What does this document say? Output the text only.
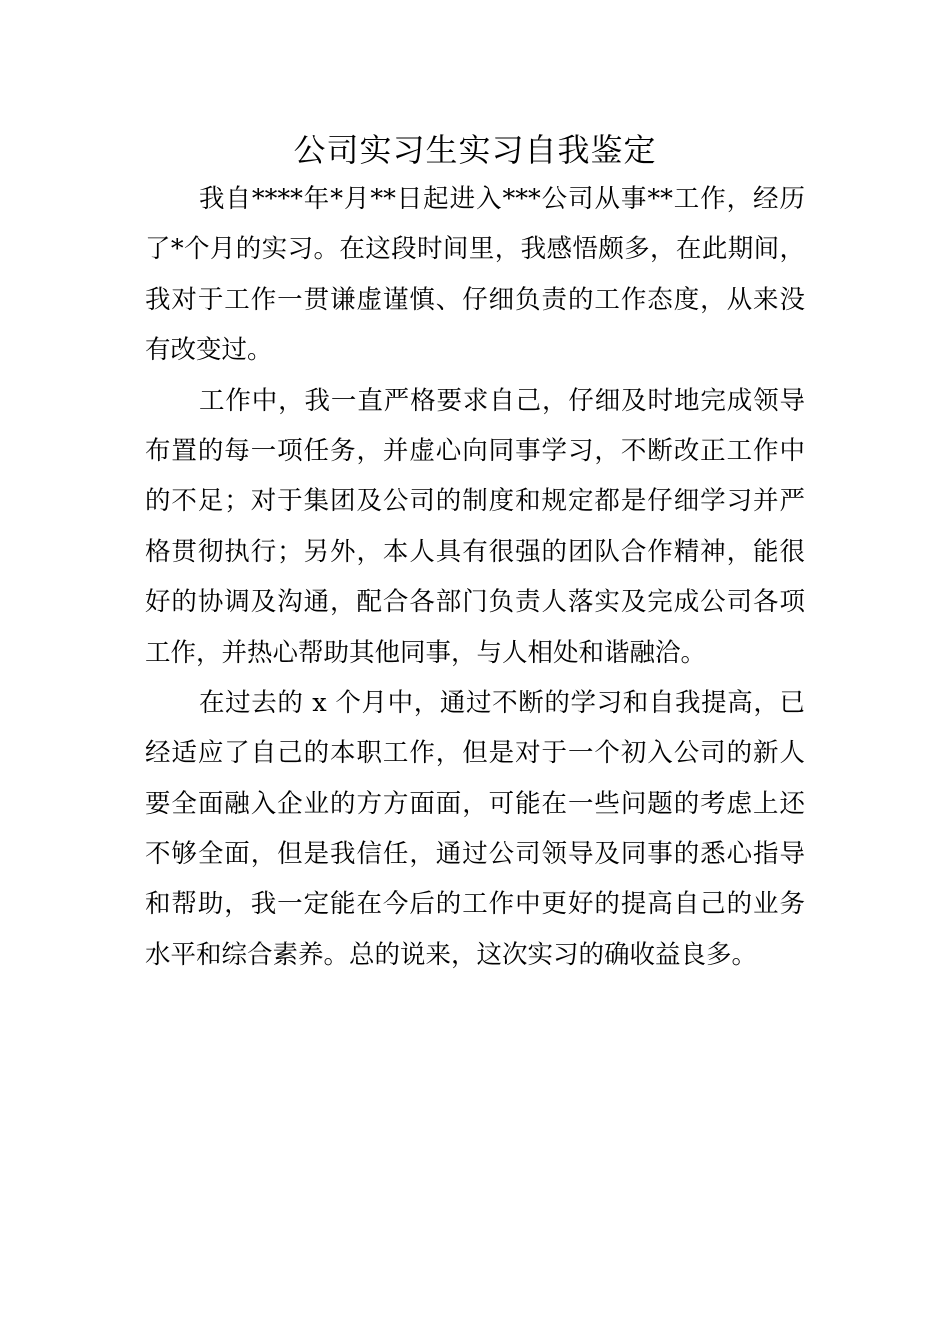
公司实习生实习自我鉴定
我自****年*月**日起进入***公司从事**工作，经历
了*个月的实习。在这段时间里，我感悟颇多，在此期间，
我对于工作一贯谦虚谨慎、仔细负责的工作态度，从来没
有改变过。
工作中，我一直严格要求自己，仔细及时地完成领导
布置的每一项任务，并虚心向同事学习，不断改正工作中
的不足；对于集团及公司的制度和规定都是仔细学习并严
格贯彻执行；另外，本人具有很强的团队合作精神，能很
好的协调及沟通，配合各部门负责人落实及完成公司各项
工作，并热心帮助其他同事，与人相处和谐融洽。
在过去的 x 个月中，通过不断的学习和自我提高，已
经适应了自己的本职工作，但是对于一个初入公司的新人
要全面融入企业的方方面面，可能在一些问题的考虑上还
不够全面，但是我信任，通过公司领导及同事的悉心指导
和帮助，我一定能在今后的工作中更好的提高自己的业务
水平和综合素养。总的说来，这次实习的确收益良多。
